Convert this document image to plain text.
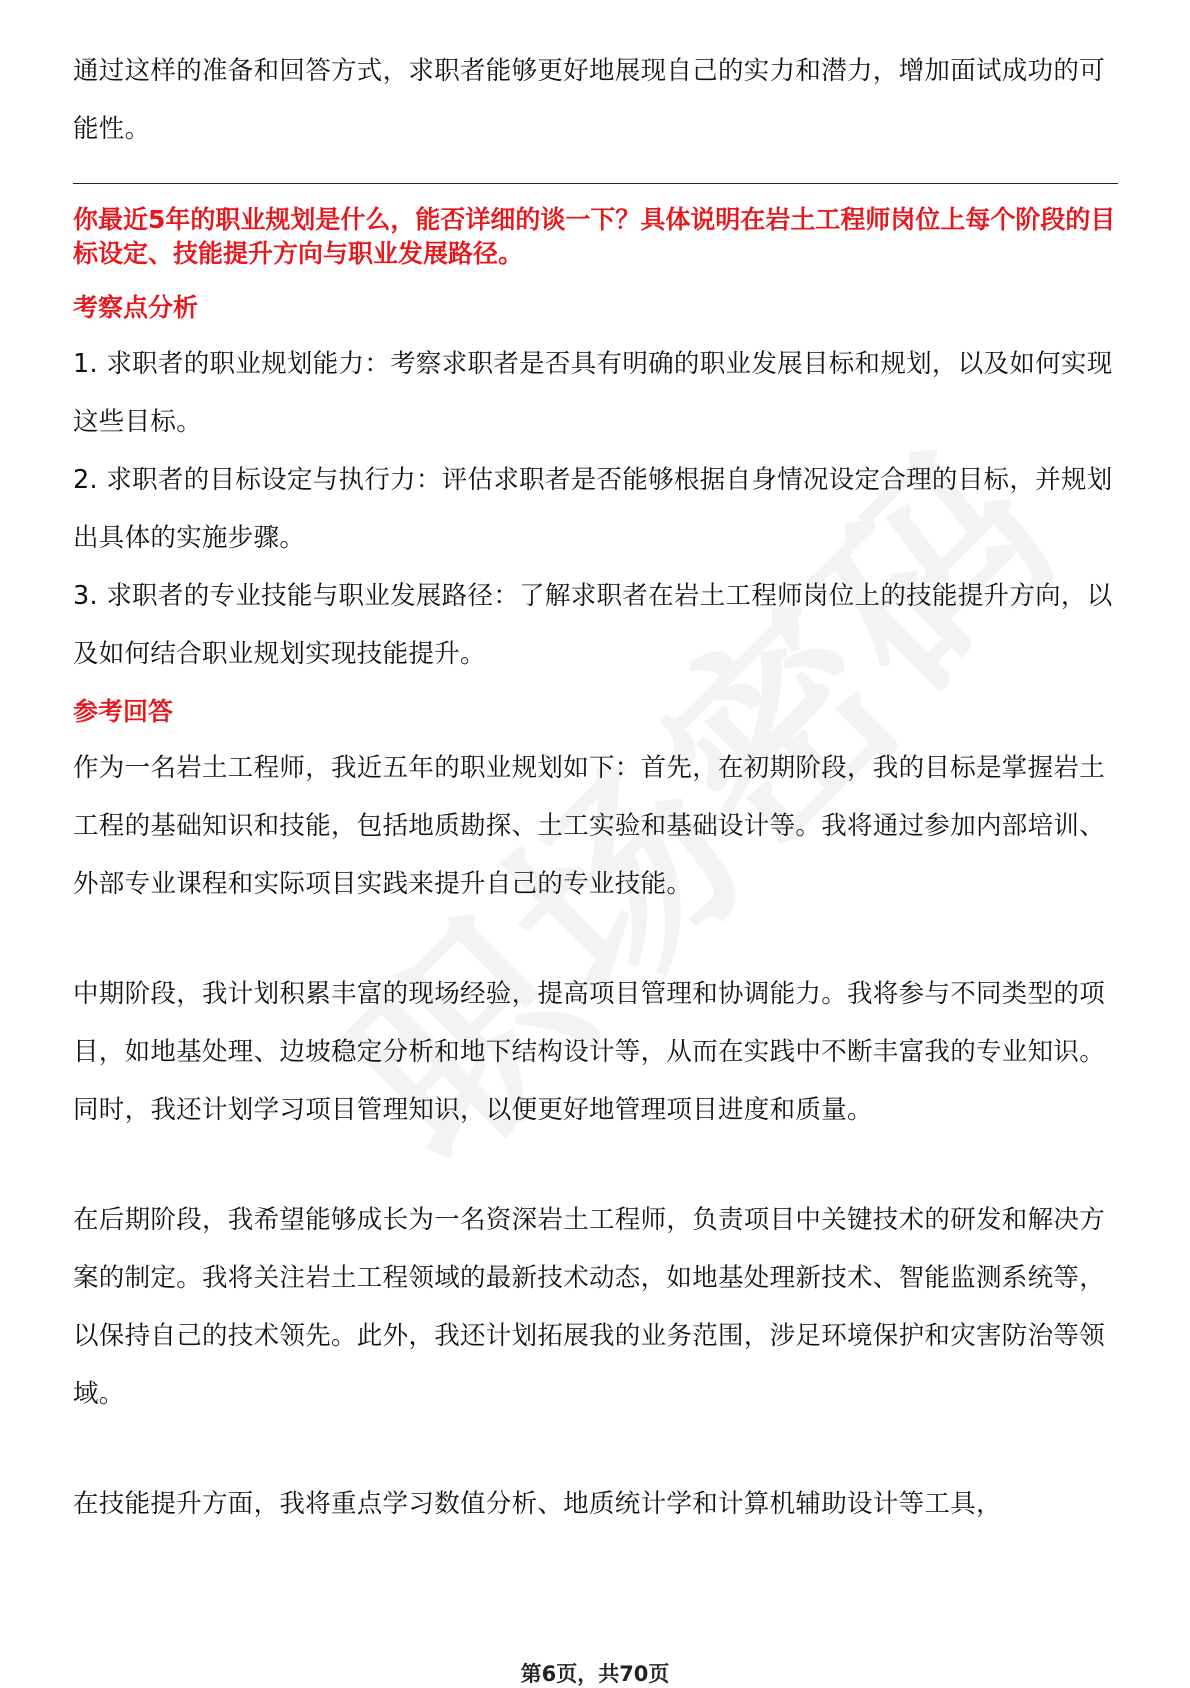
通过这样的准备和回答方式，求职者能够更好地展现自己的实力和潜力，增加面试成功的可能性。

你最近5年的职业规划是什么，能否详细的谈一下？具体说明在岩土工程师岗位上每个阶段的目标设定、技能提升方向与职业发展路径。

考察点分析

1. 求职者的职业规划能力：考察求职者是否具有明确的职业发展目标和规划，以及如何实现这些目标。

2. 求职者的目标设定与执行力：评估求职者是否能够根据自身情况设定合理的目标，并规划出具体的实施步骤。

3. 求职者的专业技能与职业发展路径：了解求职者在岩土工程师岗位上的技能提升方向，以及如何结合职业规划实现技能提升。

参考回答

作为一名岩土工程师，我近五年的职业规划如下：首先，在初期阶段，我的目标是掌握岩土工程的基础知识和技能，包括地质勘探、土工实验和基础设计等。我将通过参加内部培训、外部专业课程和实际项目实践来提升自己的专业技能。

中期阶段，我计划积累丰富的现场经验，提高项目管理和协调能力。我将参与不同类型的项目，如地基处理、边坡稳定分析和地下结构设计等，从而在实践中不断丰富我的专业知识。同时，我还计划学习项目管理知识，以便更好地管理项目进度和质量。

在后期阶段，我希望能够成长为一名资深岩土工程师，负责项目中关键技术的研发和解决方案的制定。我将关注岩土工程领域的最新技术动态，如地基处理新技术、智能监测系统等，以保持自己的技术领先。此外，我还计划拓展我的业务范围，涉足环境保护和灾害防治等领域。

在技能提升方面，我将重点学习数值分析、地质统计学和计算机辅助设计等工具，

第6页，共70页
